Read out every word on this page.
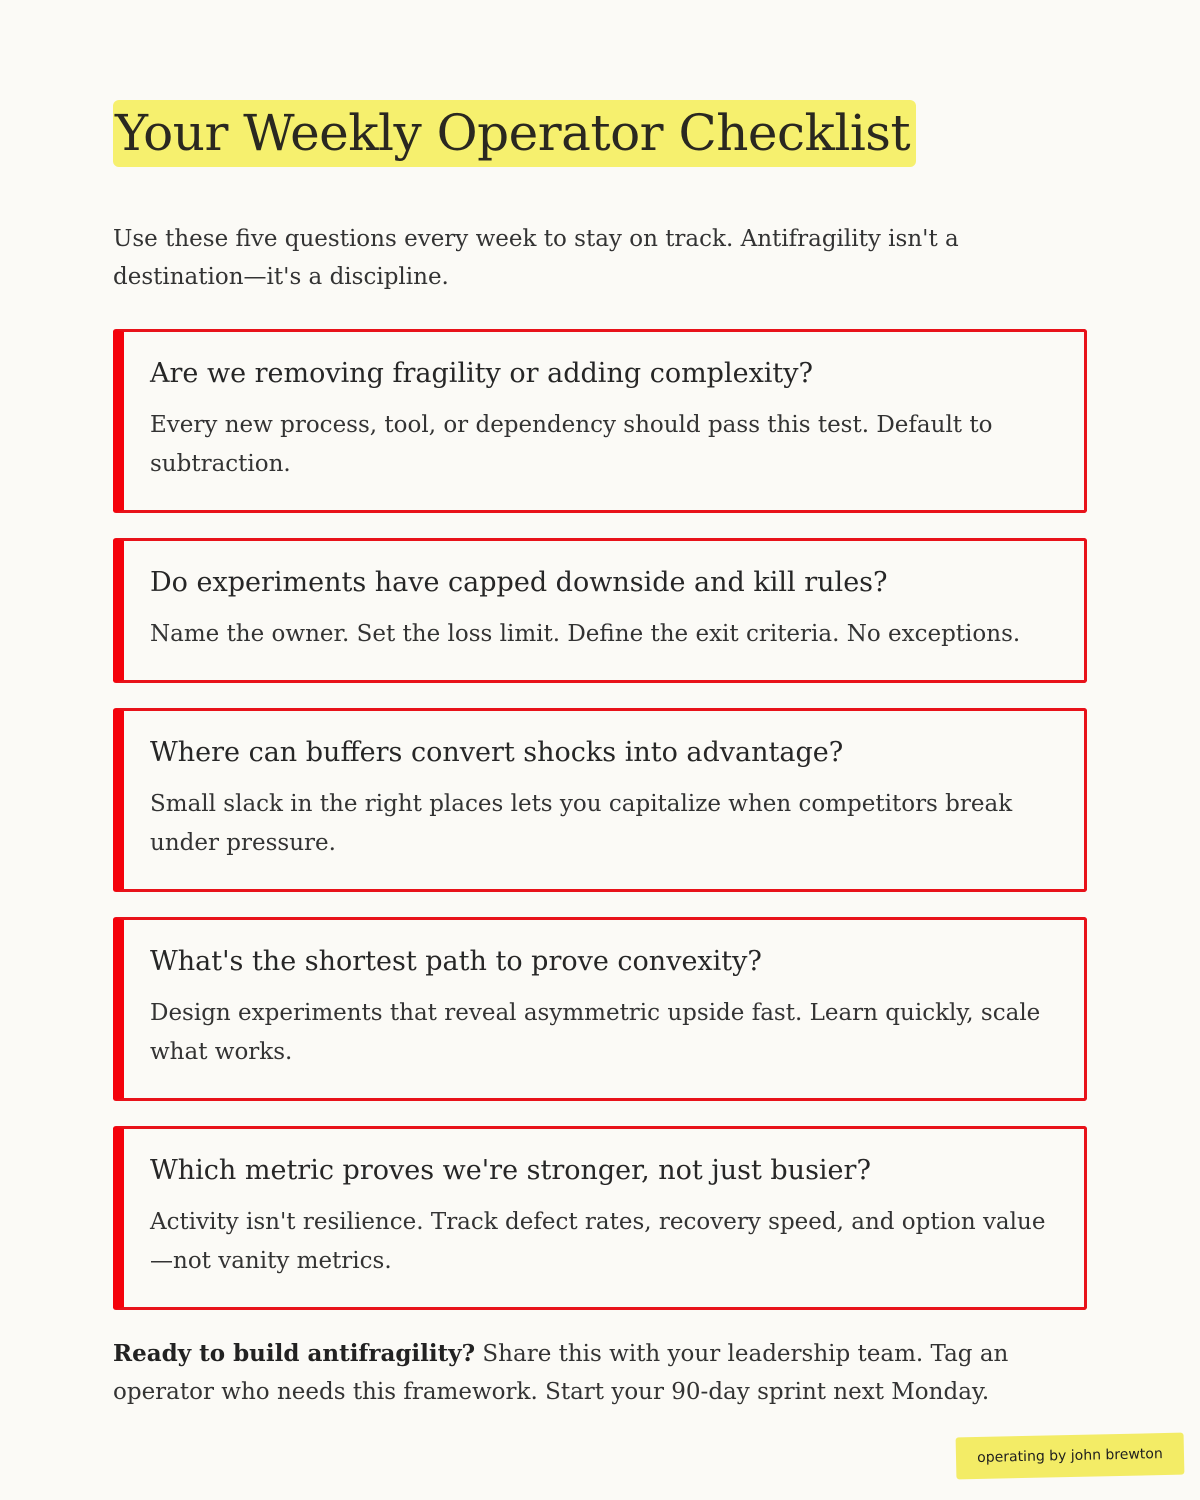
Your Weekly Operator Checklist

Use these five questions every week to stay on track. Antifragility isn't a destination—it's a discipline.

Are we removing fragility or adding complexity?

Every new process, tool, or dependency should pass this test. Default to subtraction.

Do experiments have capped downside and kill rules?

Name the owner. Set the loss limit. Define the exit criteria. No exceptions.

Where can buffers convert shocks into advantage?

Small slack in the right places lets you capitalize when competitors break under pressure.

What's the shortest path to prove convexity?

Design experiments that reveal asymmetric upside fast. Learn quickly, scale what works.

Which metric proves we're stronger, not just busier?

Activity isn't resilience. Track defect rates, recovery speed, and option value—not vanity metrics.

Ready to build antifragility? Share this with your leadership team. Tag an operator who needs this framework. Start your 90-day sprint next Monday.

operating by john brewton
